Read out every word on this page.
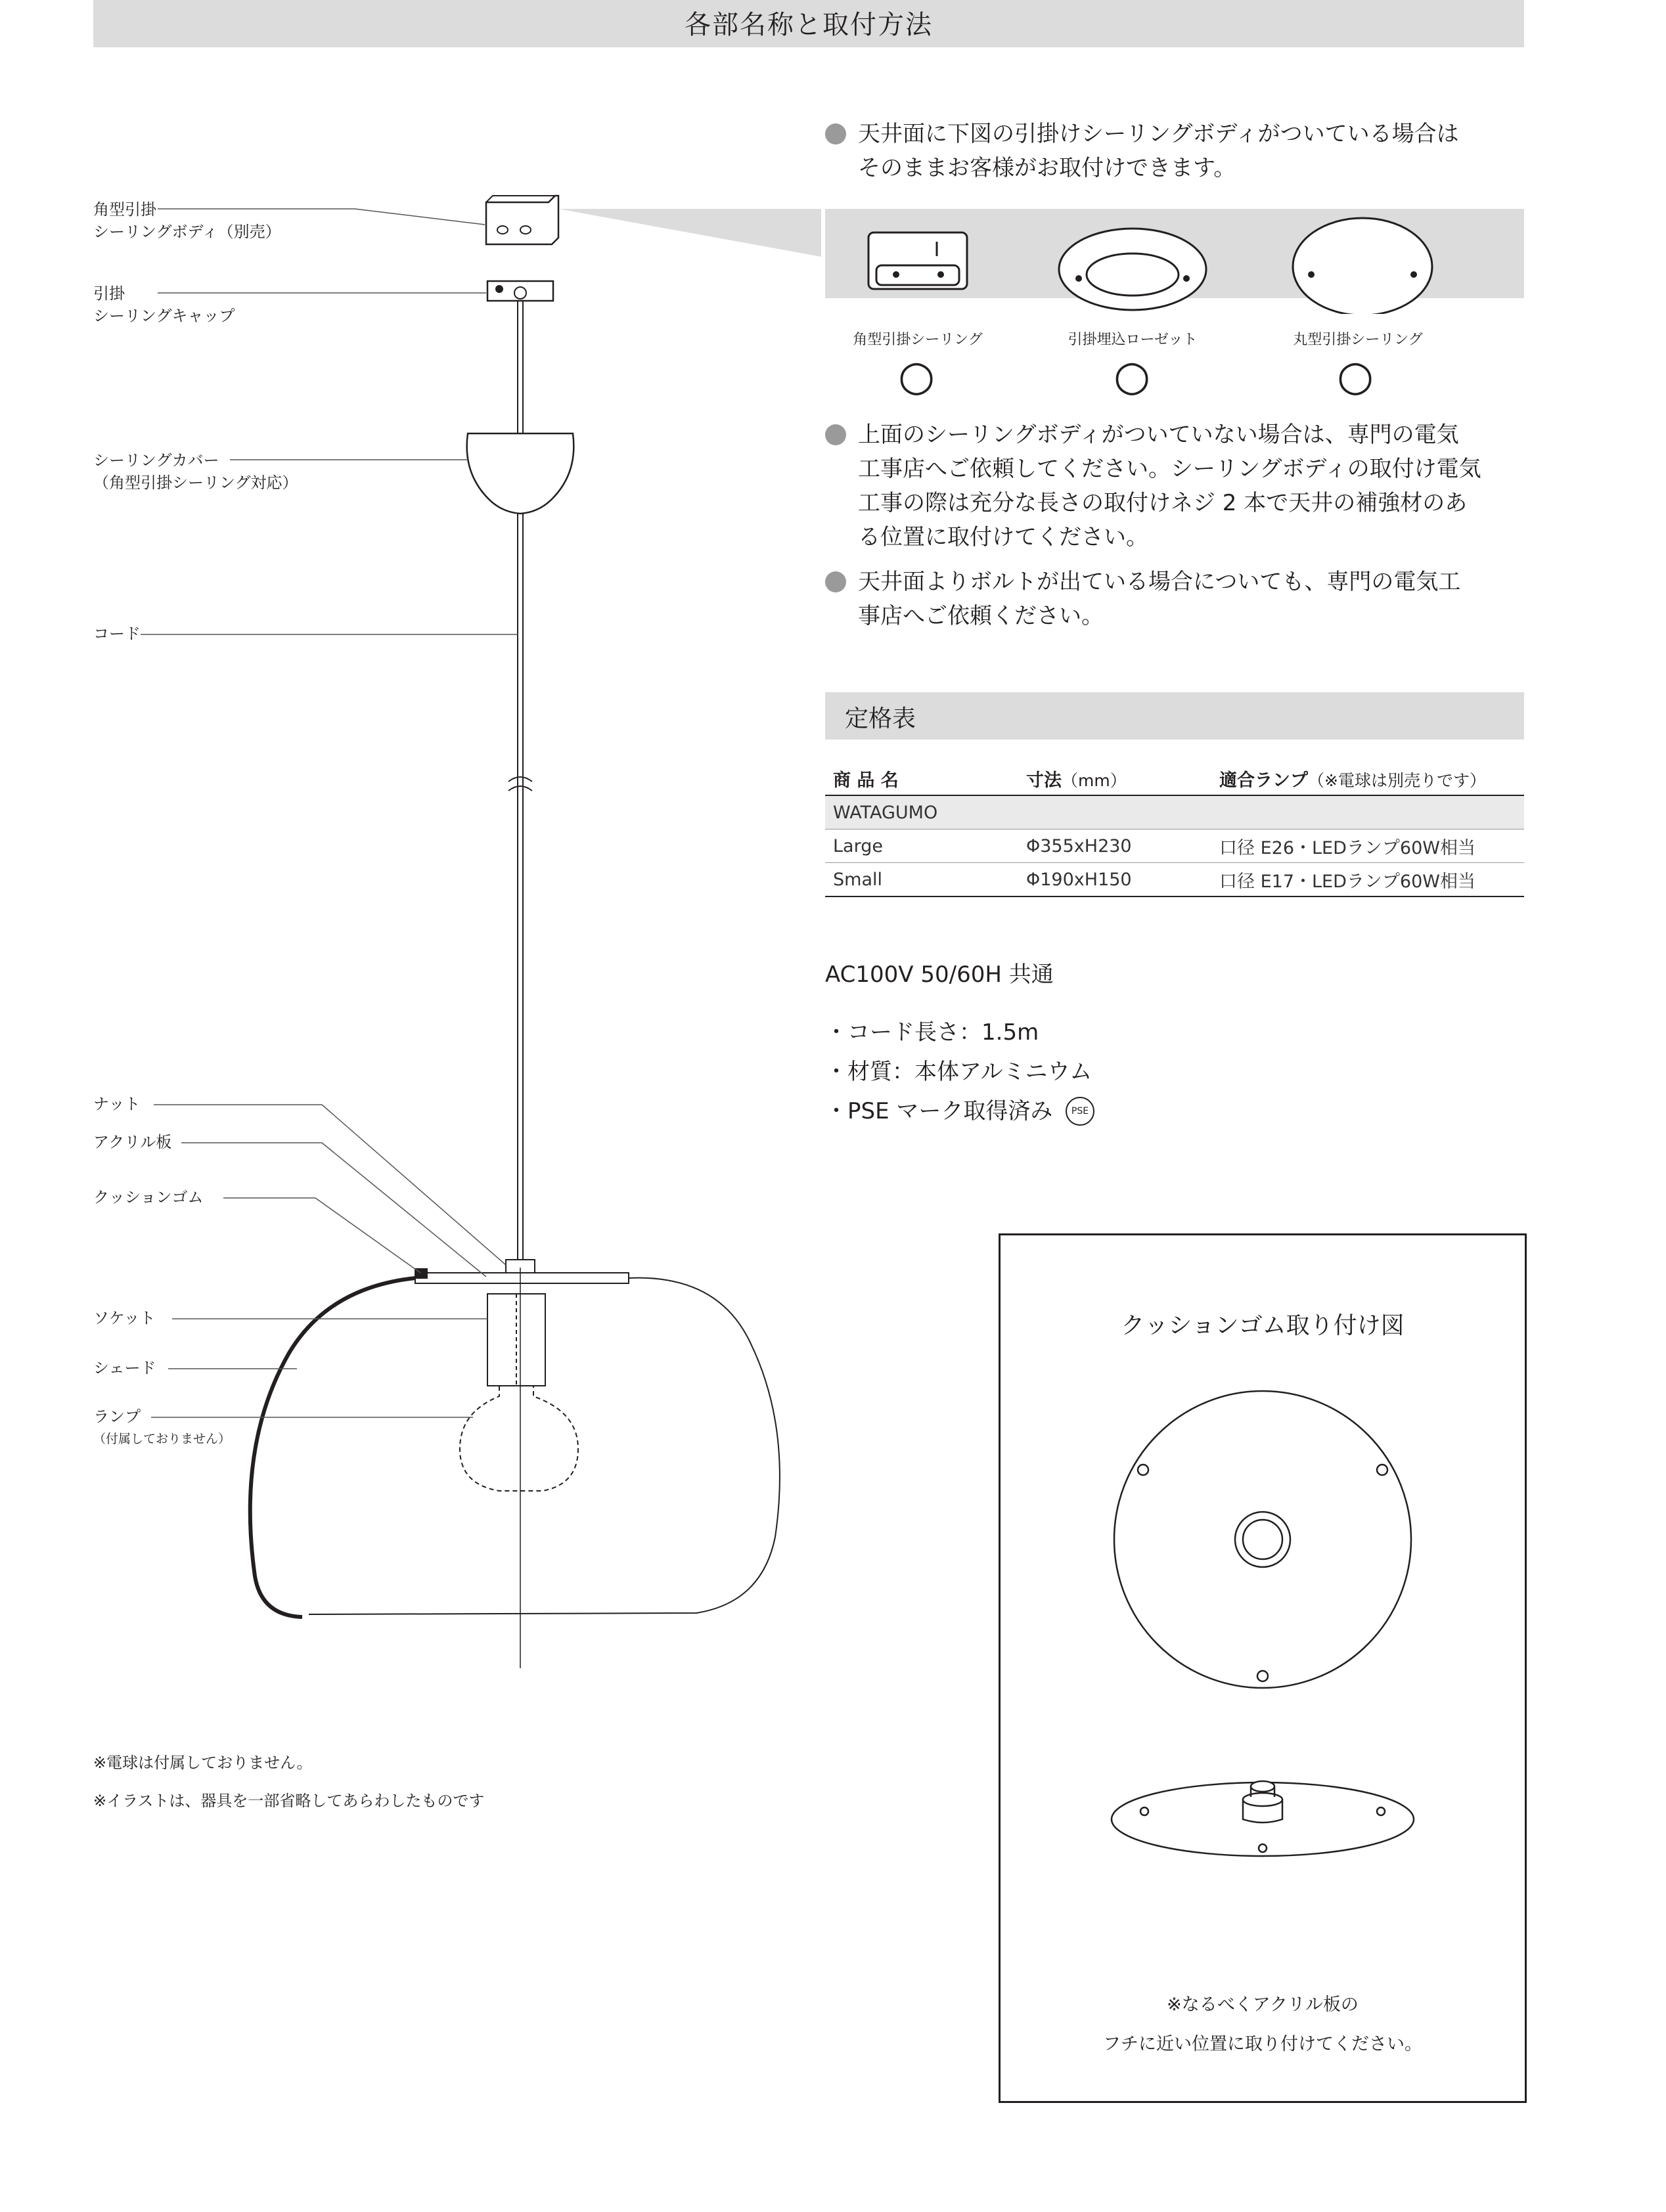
各部名称と取付方法
角型引掛
シーリングボディ（別売）
引掛
シーリングキャップ
シーリングカバー
（角型引掛シーリング対応）
コード
ナット
アクリル板
クッションゴム
ソケット
シェード
ランプ
（付属しておりません）
天井面に下図の引掛けシーリングボディがついている場合は
そのままお客様がお取付けできます。
角型引掛シーリング	引掛埋込ローゼット	丸型引掛シーリング
○	○	○
上面のシーリングボディがついていない場合は、専門の電気
工事店へご依頼してください。シーリングボディの取付け電気
工事の際は充分な長さの取付けネジ 2 本で天井の補強材のあ
る位置に取付けてください。
天井面よりボルトが出ている場合についても、専門の電気工
事店へご依頼ください。
定格表
商 品 名	寸法（mm）	適合ランプ（※電球は別売りです）
WATAGUMO		
Large	Φ355xH230	口径 E26・LEDランプ60W相当
Small	Φ190xH150	口径 E17・LEDランプ60W相当
AC100V 50/60H 共通
・コード長さ：1.5m
・材質：本体アルミニウム
・PSE マーク取得済み	PSE
※電球は付属しておりません。
※イラストは、器具を一部省略してあらわしたものです
クッションゴム取り付け図
※なるべくアクリル板の
フチに近い位置に取り付けてください。
